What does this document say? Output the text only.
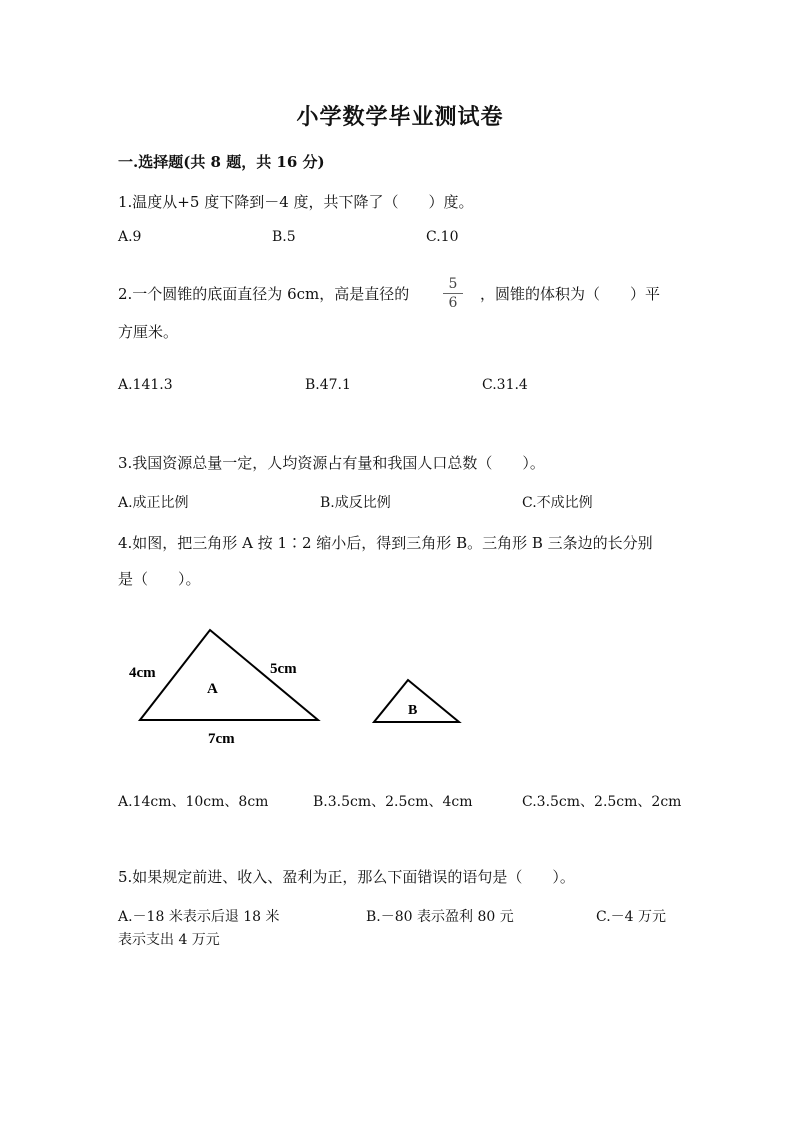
小学数学毕业测试卷
一.选择题(共 8 题，共 16 分)
1.温度从+5 度下降到－4 度，共下降了（　　）度。
A.9	B.5	C.10
2.一个圆锥的底面直径为 6cm，高是直径的
5
6	，圆锥的体积为（　　）平
方厘米。
A.141.3	B.47.1	C.31.4
3.我国资源总量一定，人均资源占有量和我国人口总数（　　）。
A.成正比例	B.成反比例	C.不成比例
4.如图，把三角形 A 按 1∶2 缩小后，得到三角形 B。三角形 B 三条边的长分别
是（　　）。
4cm	5cm
7cm
A
B
A.14cm、10cm、8cm	B.3.5cm、2.5cm、4cm	C.3.5cm、2.5cm、2cm
5.如果规定前进、收入、盈利为正，那么下面错误的语句是（　　）。
A.－18 米表示后退 18 米	B.－80 表示盈利 80 元	C.－4 万元
表示支出 4 万元
